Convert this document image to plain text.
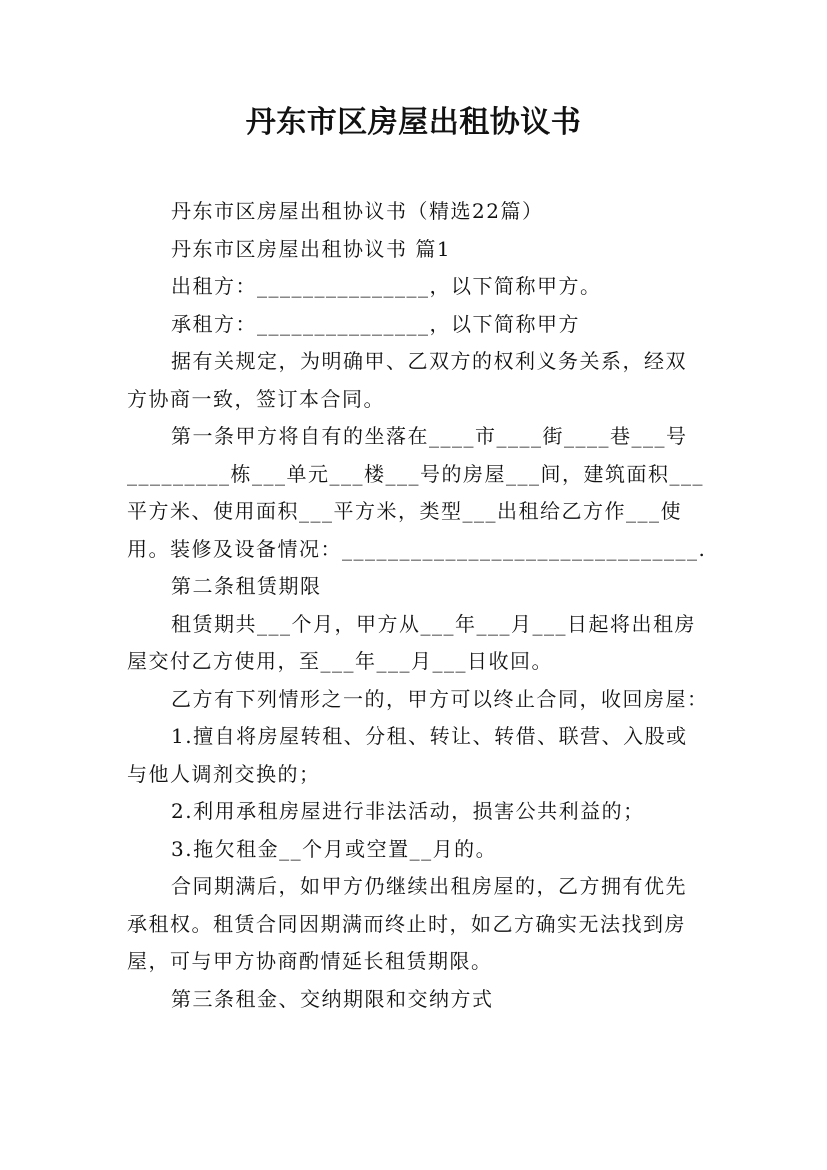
丹东市区房屋出租协议书
丹东市区房屋出租协议书（精选22篇）
丹东市区房屋出租协议书 篇1
出租方：_______________，以下简称甲方。
承租方：_______________，以下简称甲方
据有关规定，为明确甲、乙双方的权利义务关系，经双
方协商一致，签订本合同。
第一条甲方将自有的坐落在____市____街____巷___号
_________栋___单元___楼___号的房屋___间，建筑面积___
平方米、使用面积___平方米，类型___出租给乙方作___使
用。装修及设备情况：_______________________________.
第二条租赁期限
租赁期共___个月，甲方从___年___月___日起将出租房
屋交付乙方使用，至___年___月___日收回。
乙方有下列情形之一的，甲方可以终止合同，收回房屋：
1.擅自将房屋转租、分租、转让、转借、联营、入股或
与他人调剂交换的；
2.利用承租房屋进行非法活动，损害公共利益的；
3.拖欠租金__个月或空置__月的。
合同期满后，如甲方仍继续出租房屋的，乙方拥有优先
承租权。租赁合同因期满而终止时，如乙方确实无法找到房
屋，可与甲方协商酌情延长租赁期限。
第三条租金、交纳期限和交纳方式
